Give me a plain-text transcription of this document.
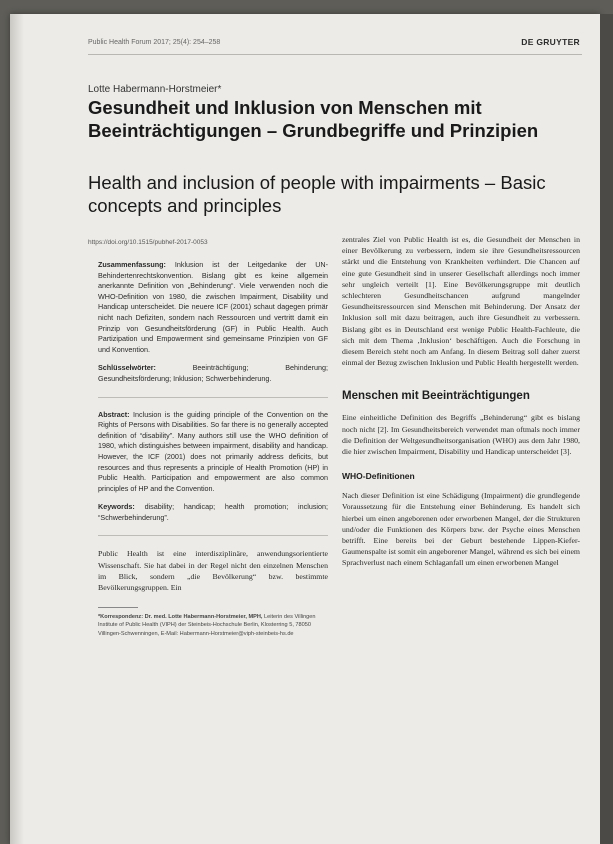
Public Health Forum 2017; 25(4): 254–258	DE GRUYTER
Lotte Habermann-Horstmeier*
Gesundheit und Inklusion von Menschen mit Beeinträchtigungen – Grundbegriffe und Prinzipien
Health and inclusion of people with impairments – Basic concepts and principles
https://doi.org/10.1515/pubhef-2017-0053

Zusammenfassung: Inklusion ist der Leitgedanke der UN-Behindertenrechtskonvention. Bislang gibt es keine allgemein anerkannte Definition von „Behinderung“. Viele verwenden noch die WHO-Definition von 1980, die zwischen Impairment, Disability und Handicap unterscheidet. Die neuere ICF (2001) schaut dagegen primär nicht nach Defiziten, sondern nach Ressourcen und vertritt damit ein Prinzip von Gesundheitsförderung (GF) in Public Health. Auch Partizipation und Empowerment sind gemeinsame Prinzipien von GF und Konvention.

Schlüsselwörter:	Beeinträchtigung; Behinderung; Gesundheitsförderung; Inklusion; Schwerbehinderung.

Abstract: Inclusion is the guiding principle of the Convention on the Rights of Persons with Disabilities. So far there is no generally accepted definition of “disability”. Many authors still use the WHO definition of 1980, which distinguishes between impairment, disability and handicap. However, the ICF (2001) does not primarily address deficits, but resources and thus represents a principle of Health Promotion (HP) in Public Health. Participation and empowerment are also common principles of HP and the Convention.

Keywords: disability; handicap; health promotion; inclusion; “Schwerbehinderung”.

Public Health ist eine interdisziplinäre, anwendungsorientierte Wissenschaft. Sie hat dabei in der Regel nicht den einzelnen Menschen im Blick, sondern „die Bevölkerung“ bzw. bestimmte Bevölkerungsgruppen. Ein

*Korrespondenz: Dr. med. Lotte Habermann-Horstmeier, MPH, Leiterin des Villingen Institute of Public Health (VIPH) der Steinbeis-Hochschule Berlin, Klosterring 5, 78050 Villingen-Schwenningen, E-Mail: Habermann-Horstmeier@viph-steinbeis-hs.de

zentrales Ziel von Public Health ist es, die Gesundheit der Menschen in einer Bevölkerung zu verbessern, indem sie ihre Gesundheitsressourcen stärkt und die Entstehung von Krankheiten verhindert. Die Chancen auf eine gute Gesundheit sind in unserer Gesellschaft allerdings noch immer sehr ungleich verteilt [1]. Eine Bevölkerungsgruppe mit deutlich schlechteren Gesundheitschancen aufgrund mangelnder Gesundheitsressourcen sind Menschen mit Behinderung. Der Ansatz der Inklusion soll mit dazu beitragen, auch ihre Gesundheit zu verbessern. Bislang gibt es in Deutschland erst wenige Public Health-Fachleute, die sich mit dem Thema ‚Inklusion‘ beschäftigen. Auch die Forschung in diesem Bereich steht noch am Anfang. In diesem Beitrag soll daher zuerst einmal der Bezug zwischen Inklusion und Public Health hergestellt werden.

Menschen mit Beeinträchtigungen

Eine einheitliche Definition des Begriffs „Behinderung“ gibt es bislang noch nicht [2]. Im Gesundheitsbereich verwendet man oftmals noch immer die Definition der Weltgesundheitsorganisation (WHO) aus dem Jahr 1980, die hier zwischen Impairment, Disability und Handicap unterscheidet [3].

WHO-Definitionen

Nach dieser Definition ist eine Schädigung (Impairment) die grundlegende Voraussetzung für die Entstehung einer Behinderung. Es handelt sich hierbei um einen angeborenen oder erworbenen Mangel, der die Strukturen und/oder die Funktionen des Körpers bzw. der Psyche eines Menschen betrifft. Eine bereits bei der Geburt bestehende Lippen-Kiefer-Gaumenspalte ist somit ein angeborener Mangel, während es sich bei einem Sprachverlust nach einem Schlaganfall um einen erworbenen Mangel
